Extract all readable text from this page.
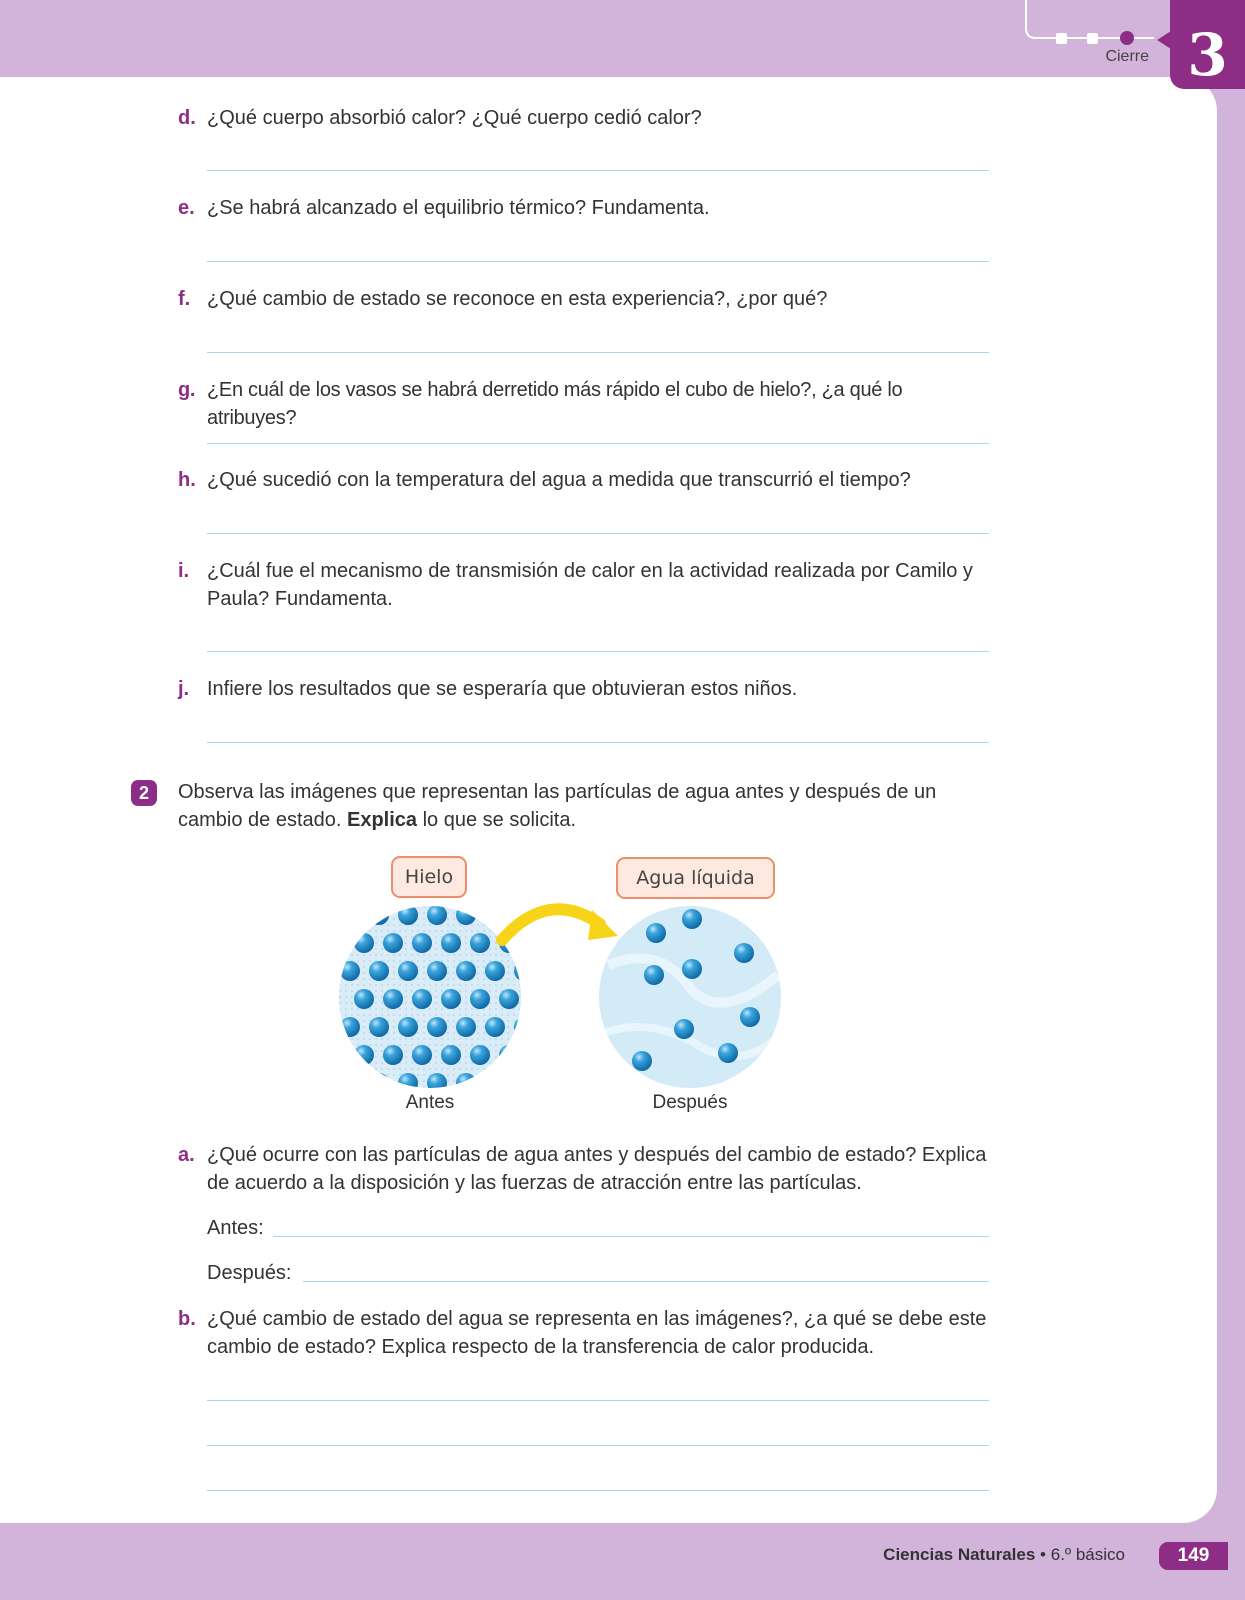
3
Cierre
d. ¿Qué cuerpo absorbió calor? ¿Qué cuerpo cedió calor?
e. ¿Se habrá alcanzado el equilibrio térmico? Fundamenta.
f. ¿Qué cambio de estado se reconoce en esta experiencia?, ¿por qué?
g. ¿En cuál de los vasos se habrá derretido más rápido el cubo de hielo?, ¿a qué lo atribuyes?
h. ¿Qué sucedió con la temperatura del agua a medida que transcurrió el tiempo?
i. ¿Cuál fue el mecanismo de transmisión de calor en la actividad realizada por Camilo y Paula? Fundamenta.
j. Infiere los resultados que se esperaría que obtuvieran estos niños.
2	Observa las imágenes que representan las partículas de agua antes y después de un cambio de estado. Explica lo que se solicita.
Hielo	Agua líquida
Antes	Después
a. ¿Qué ocurre con las partículas de agua antes y después del cambio de estado? Explica de acuerdo a la disposición y las fuerzas de atracción entre las partículas.
Antes:
Después:
b. ¿Qué cambio de estado del agua se representa en las imágenes?, ¿a qué se debe este cambio de estado? Explica respecto de la transferencia de calor producida.
Ciencias Naturales • 6.º básico	149
